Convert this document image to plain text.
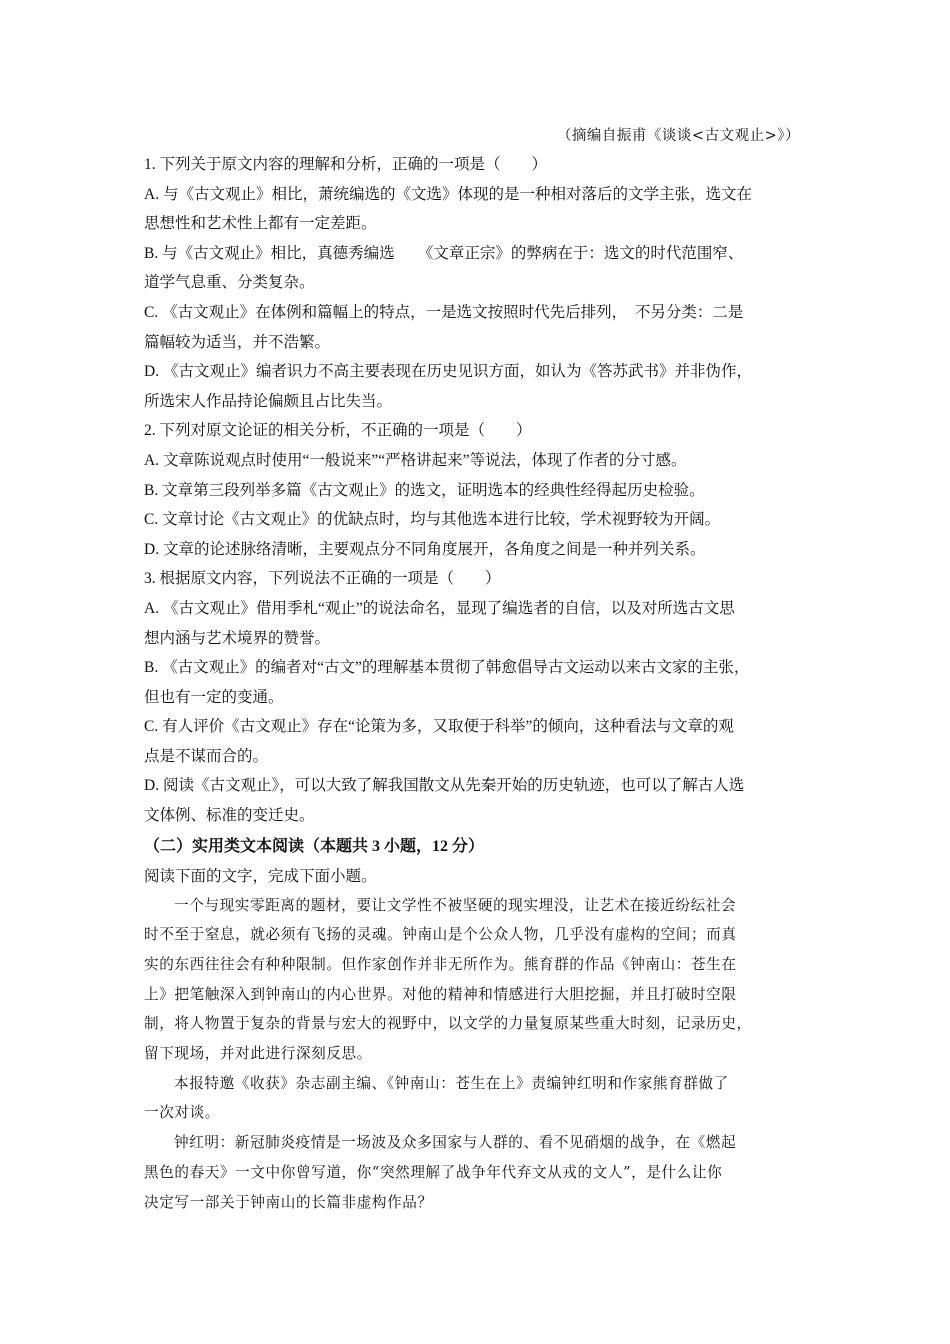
（摘编自振甫《谈谈<古文观止>》）
1. 下列关于原文内容的理解和分析，正确的一项是（　　）
A. 与《古文观止》相比，萧统编选的《文选》体现的是一种相对落后的文学主张，选文在
思想性和艺术性上都有一定差距。
B. 与《古文观止》相比，真德秀编选　　《文章正宗》的弊病在于：选文的时代范围窄、
道学气息重、分类复杂。
C. 《古文观止》在体例和篇幅上的特点，一是选文按照时代先后排列，　不另分类：二是
篇幅较为适当，并不浩繁。
D. 《古文观止》编者识力不高主要表现在历史见识方面，如认为《答苏武书》并非伪作，
所选宋人作品持论偏颇且占比失当。
2. 下列对原文论证的相关分析，不正确的一项是（　　）
A. 文章陈说观点时使用“一般说来”“严格讲起来”等说法，体现了作者的分寸感。
B. 文章第三段列举多篇《古文观止》的选文，证明选本的经典性经得起历史检验。
C. 文章讨论《古文观止》的优缺点时，均与其他选本进行比较，学术视野较为开阔。
D. 文章的论述脉络清晰，主要观点分不同角度展开，各角度之间是一种并列关系。
3. 根据原文内容，下列说法不正确的一项是（　　）
A. 《古文观止》借用季札“观止”的说法命名，显现了编选者的自信，以及对所选古文思
想内涵与艺术境界的赞誉。
B. 《古文观止》的编者对“古文”的理解基本贯彻了韩愈倡导古文运动以来古文家的主张，
但也有一定的变通。
C. 有人评价《古文观止》存在“论策为多，又取便于科举”的倾向，这种看法与文章的观
点是不谋而合的。
D. 阅读《古文观止》，可以大致了解我国散文从先秦开始的历史轨迹，也可以了解古人选
文体例、标准的变迁史。
（二）实用类文本阅读（本题共 3 小题，12 分）
阅读下面的文字，完成下面小题。
一个与现实零距离的题材，要让文学性不被坚硬的现实埋没，让艺术在接近纷纭社会
时不至于窒息，就必须有飞扬的灵魂。钟南山是个公众人物，几乎没有虚构的空间；而真
实的东西往往会有种种限制。但作家创作并非无所作为。熊育群的作品《钟南山：苍生在
上》把笔触深入到钟南山的内心世界。对他的精神和情感进行大胆挖掘，并且打破时空限
制，将人物置于复杂的背景与宏大的视野中，以文学的力量复原某些重大时刻，记录历史，
留下现场，并对此进行深刻反思。
本报特邀《收获》杂志副主编、《钟南山：苍生在上》责编钟红明和作家熊育群做了
一次对谈。
钟红明：新冠肺炎疫情是一场波及众多国家与人群的、看不见硝烟的战争，在《燃起
黑色的春天》一文中你曾写道，你“突然理解了战争年代弃文从戎的文人”，是什么让你
决定写一部关于钟南山的长篇非虚构作品？
